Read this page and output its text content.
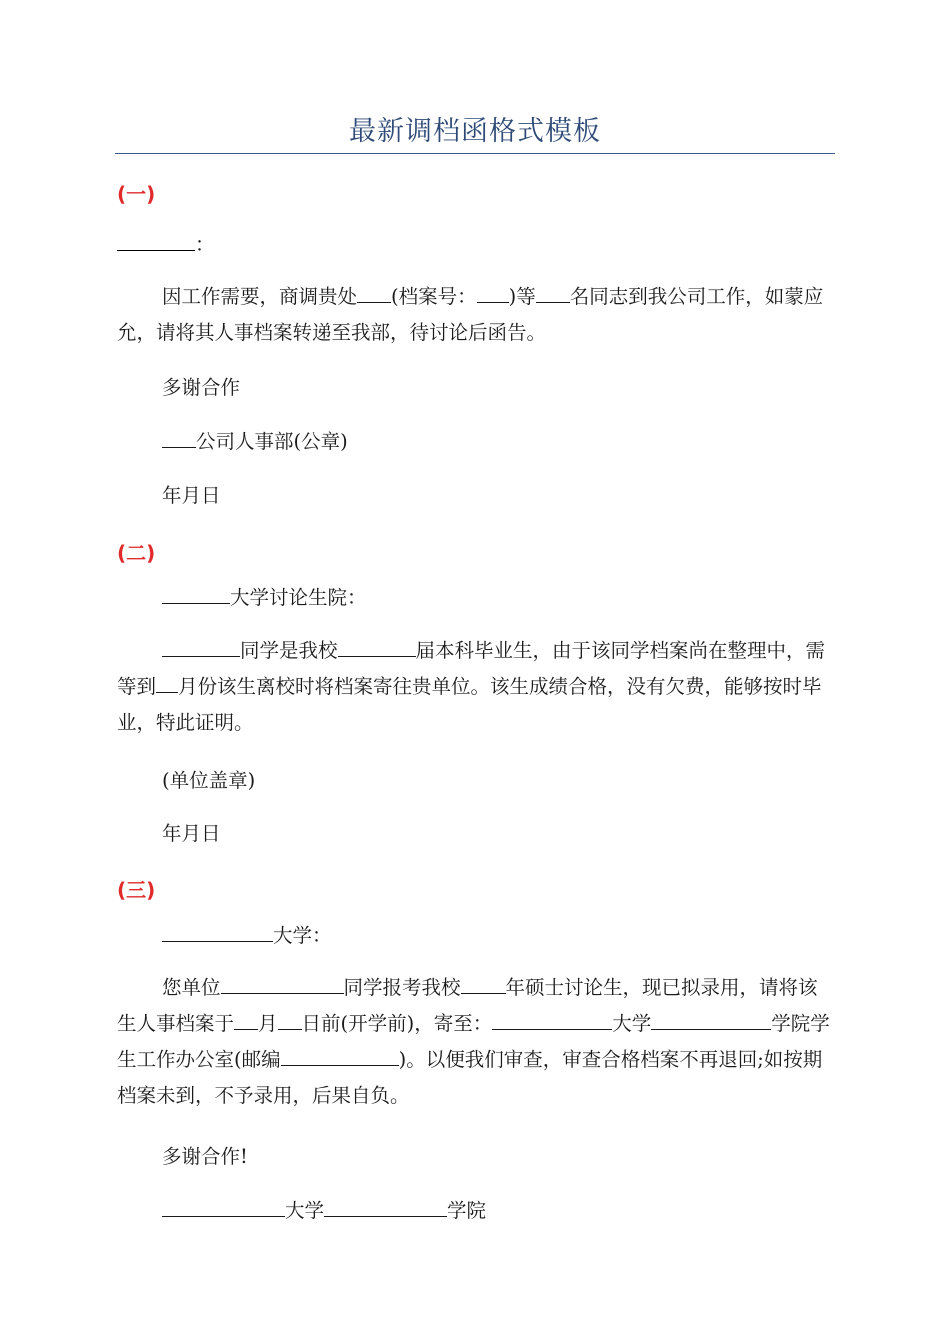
最新调档函格式模板
(一)

：

因工作需要，商调贵处 (档案号： )等 名同志到我公司工作，如蒙应允，请将其人事档案转递至我部，待讨论后函告。

多谢合作

公司人事部(公章)

年月日

(二)

大学讨论生院：

同学是我校	届本科毕业生，由于该同学档案尚在整理中，需等到 月份该生离校时将档案寄往贵单位。该生成绩合格，没有欠费，能够按时毕业，特此证明。

(单位盖章)

年月日

(三)

大学：

您单位	同学报考我校 年硕士讨论生，现已拟录用，请将该生人事档案于 月 日前(开学前)，寄至：	大学	学院学生工作办公室(邮编	)。以便我们审查，审查合格档案不再退回;如按期档案未到，不予录用，后果自负。

多谢合作!

大学	学院
